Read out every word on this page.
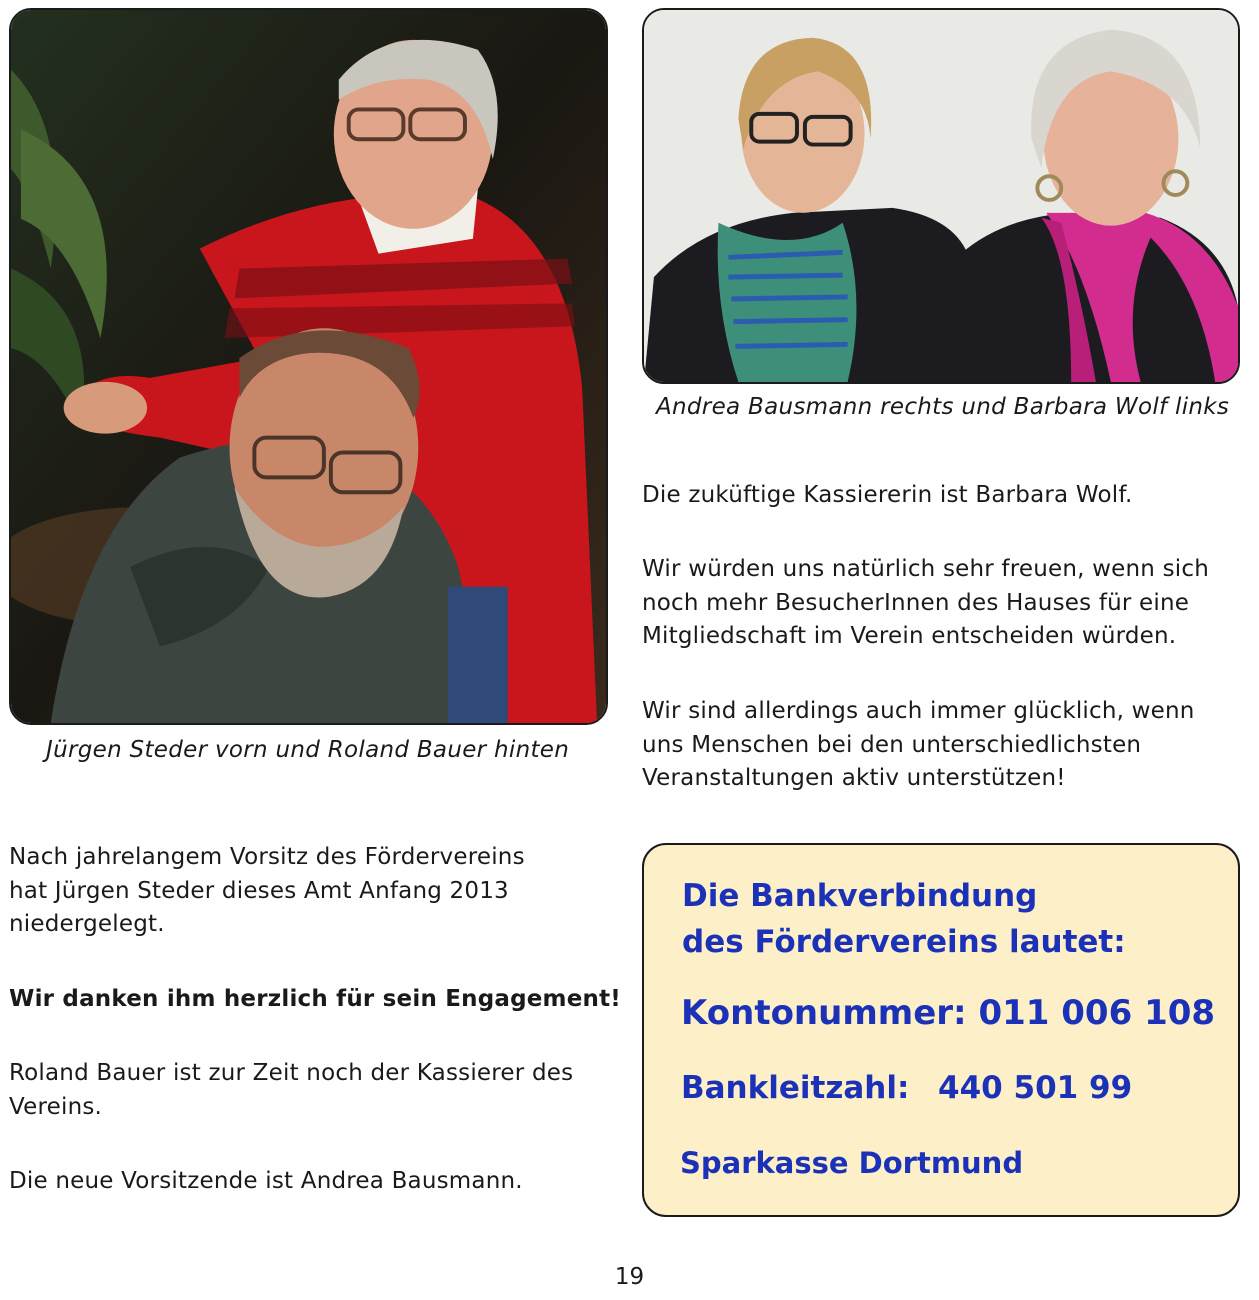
Jürgen Steder vorn und Roland Bauer hinten
Andrea Bausmann rechts und Barbara Wolf links

Nach jahrelangem Vorsitz des Fördervereins
hat Jürgen Steder dieses Amt Anfang 2013
niedergelegt.

Wir danken ihm herzlich für sein Engagement!

Roland Bauer ist zur Zeit noch der Kassierer des
Vereins.

Die neue Vorsitzende ist Andrea Bausmann.

Die zuküftige Kassiererin ist Barbara Wolf.

Wir würden uns natürlich sehr freuen, wenn sich
noch mehr BesucherInnen des Hauses für eine
Mitgliedschaft im Verein entscheiden würden.

Wir sind allerdings auch immer glücklich, wenn
uns Menschen bei den unterschiedlichsten
Veranstaltungen aktiv unterstützen!

Die Bankverbindung
des Fördervereins lautet:
Kontonummer: 011 006 108
Bankleitzahl: 440 501 99
Sparkasse Dortmund
19
